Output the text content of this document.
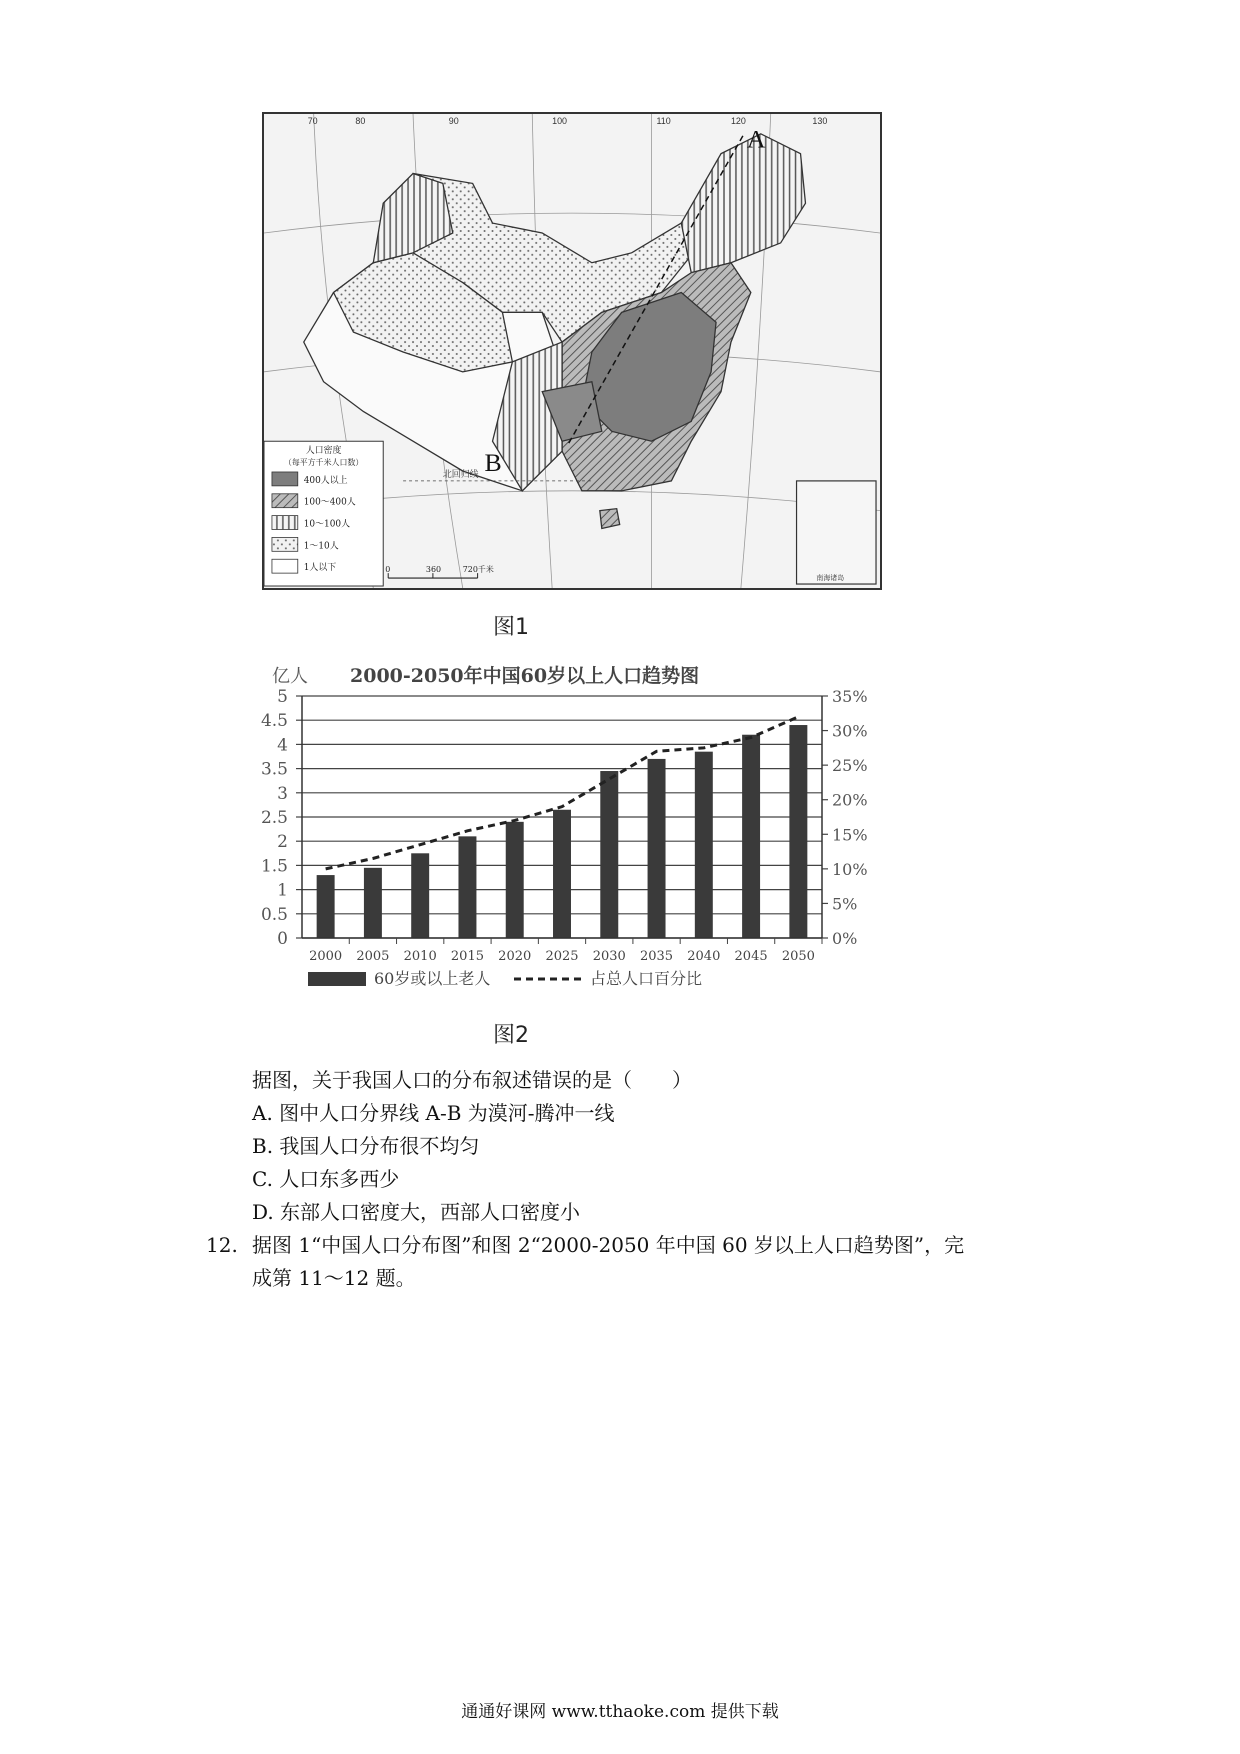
70	80	90	100	110	120	130
A
B
北回归线
南海诸岛
人口密度
（每平方千米人口数）
400人以上
100～400人
10～100人
1～10人
1人以下	0	360	720千米
图1
亿人 2000-2050年中国60岁以上人口趋势图
0
0.5
1
1.5
2
2.5
3
3.5
4
4.5
5
0%
5%
10%
15%
20%
25%
30%
35%
2000 2005 2010 2015 2020 2025 2030 2035 2040 2045 2050
60岁或以上老人	占总人口百分比
图2
据图，关于我国人口的分布叙述错误的是（　　）
A. 图中人口分界线 A-B 为漠河-腾冲一线
B. 我国人口分布很不均匀
C. 人口东多西少
D. 东部人口密度大，西部人口密度小
12. 据图 1“中国人口分布图”和图 2“2000-2050 年中国 60 岁以上人口趋势图”，完
成第 11～12 题。
通通好课网 www.tthaoke.com 提供下载
